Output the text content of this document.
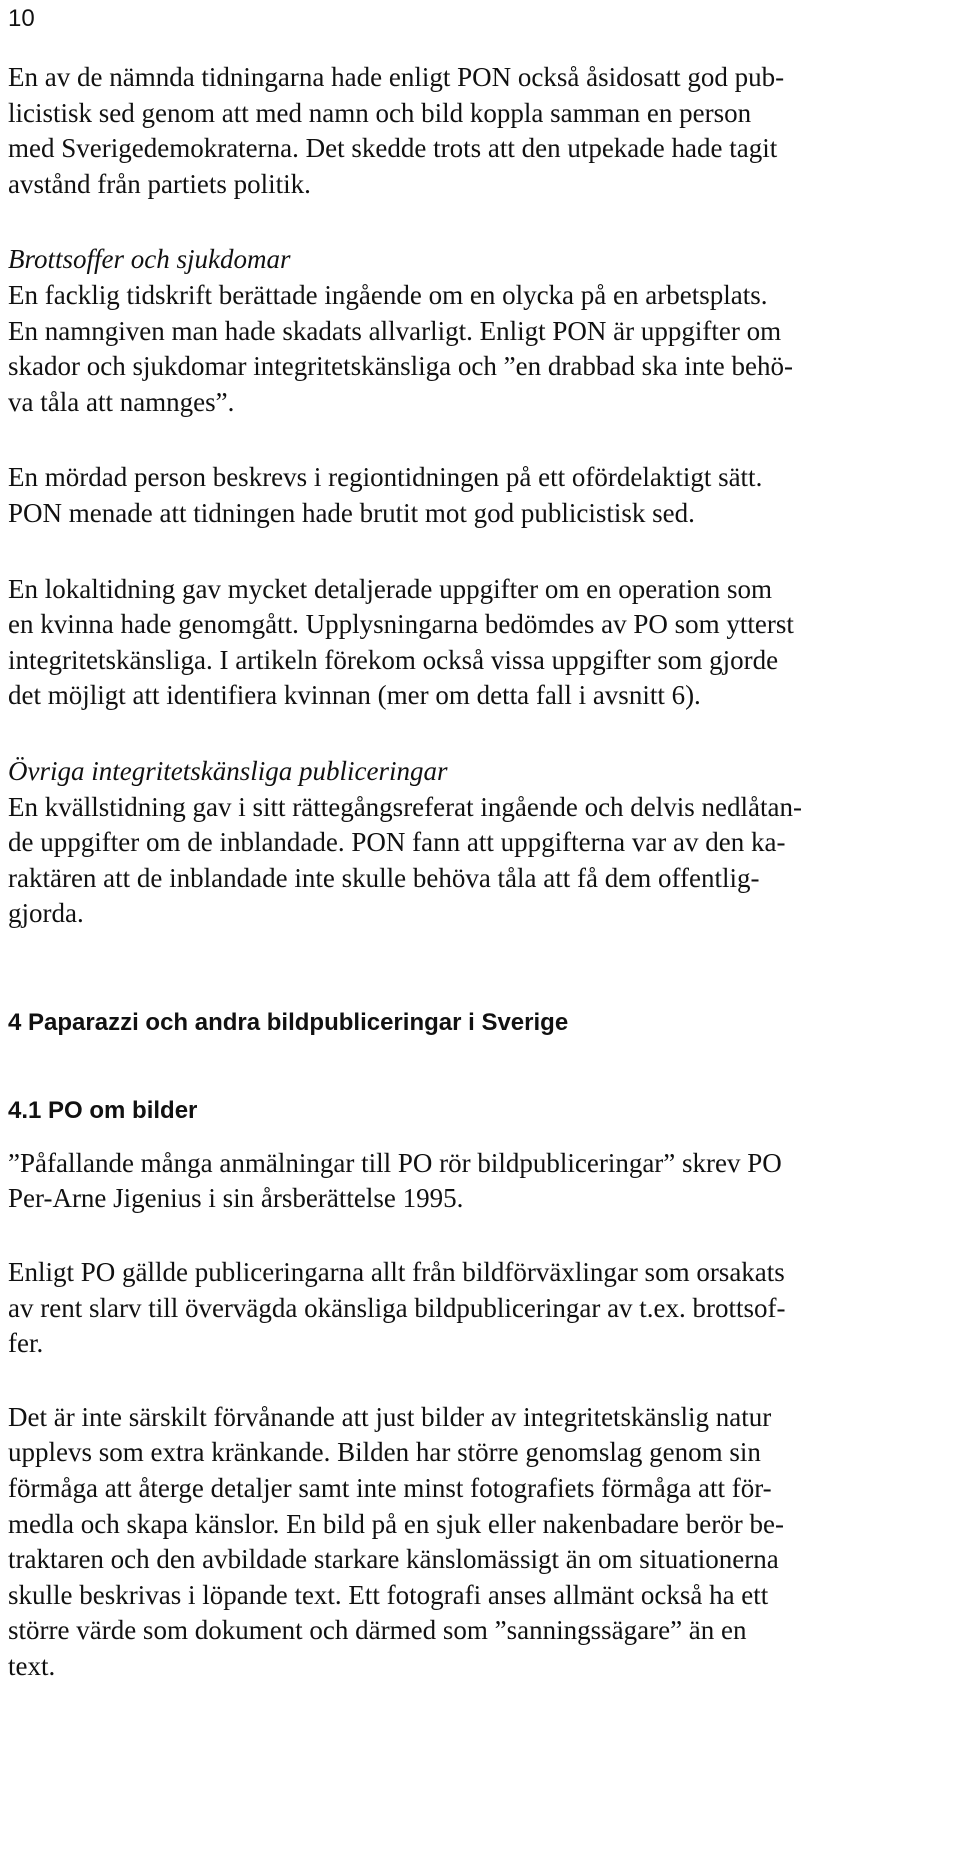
10

En av de nämnda tidningarna hade enligt PON också åsidosatt god pub-
licistisk sed genom att med namn och bild koppla samman en person
med Sverigedemokraterna. Det skedde trots att den utpekade hade tagit
avstånd från partiets politik.

Brottsoffer och sjukdomar
En facklig tidskrift berättade ingående om en olycka på en arbetsplats.
En namngiven man hade skadats allvarligt. Enligt PON är uppgifter om
skador och sjukdomar integritetskänsliga och ”en drabbad ska inte behö-
va tåla att namnges”.

En mördad person beskrevs i regiontidningen på ett ofördelaktigt sätt.
PON menade att tidningen hade brutit mot god publicistisk sed.

En lokaltidning gav mycket detaljerade uppgifter om en operation som
en kvinna hade genomgått. Upplysningarna bedömdes av PO som ytterst
integritetskänsliga. I artikeln förekom också vissa uppgifter som gjorde
det möjligt att identifiera kvinnan (mer om detta fall i avsnitt 6).

Övriga integritetskänsliga publiceringar
En kvällstidning gav i sitt rättegångsreferat ingående och delvis nedlåtan-
de uppgifter om de inblandade. PON fann att uppgifterna var av den ka-
raktären att de inblandade inte skulle behöva tåla att få dem offentlig-
gjorda.

4 Paparazzi och andra bildpubliceringar i Sverige
4.1 PO om bilder

”Påfallande många anmälningar till PO rör bildpubliceringar” skrev PO
Per-Arne Jigenius i sin årsberättelse 1995.

Enligt PO gällde publiceringarna allt från bildförväxlingar som orsakats
av rent slarv till övervägda okänsliga bildpubliceringar av t.ex. brottsof-
fer.

Det är inte särskilt förvånande att just bilder av integritetskänslig natur
upplevs som extra kränkande. Bilden har större genomslag genom sin
förmåga att återge detaljer samt inte minst fotografiets förmåga att för-
medla och skapa känslor. En bild på en sjuk eller nakenbadare berör be-
traktaren och den avbildade starkare känslomässigt än om situationerna
skulle beskrivas i löpande text. Ett fotografi anses allmänt också ha ett
större värde som dokument och därmed som ”sanningssägare” än en
text.
